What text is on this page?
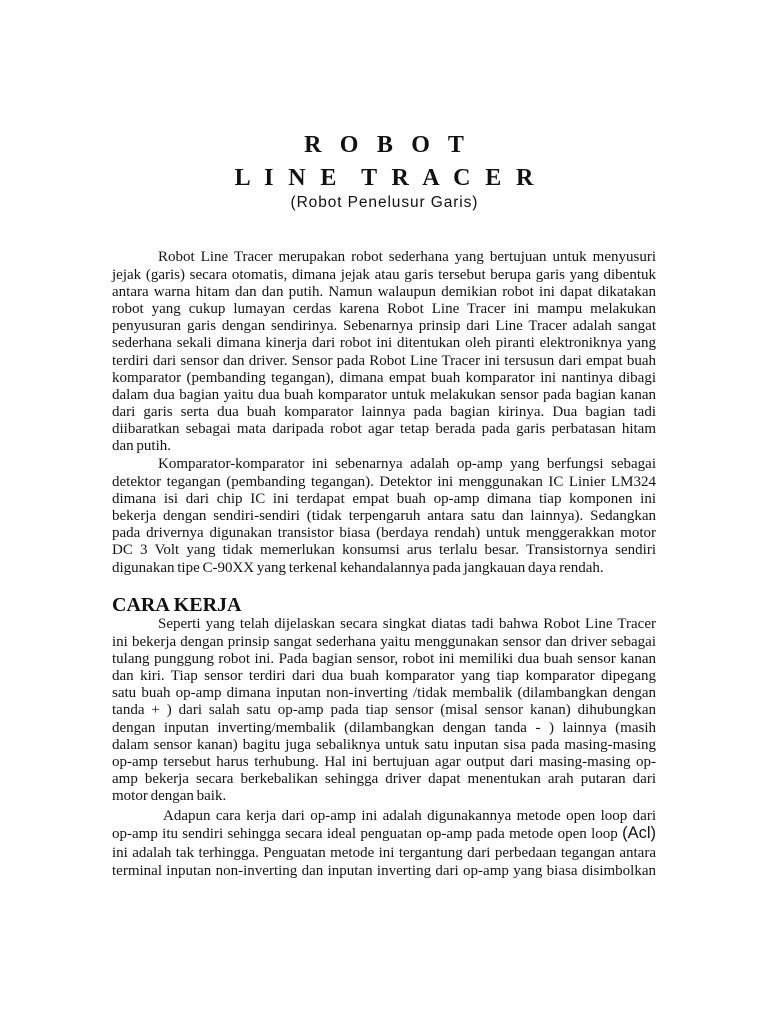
R O B O T
L I N E  T R A C E R
(Robot Penelusur Garis)
Robot Line Tracer merupakan robot sederhana yang bertujuan untuk menyusuri
jejak (garis) secara otomatis, dimana jejak atau garis tersebut berupa garis yang dibentuk
antara warna hitam dan dan putih. Namun walaupun demikian robot ini dapat dikatakan
robot yang cukup lumayan cerdas karena Robot Line Tracer ini mampu melakukan
penyusuran garis dengan sendirinya. Sebenarnya prinsip dari Line Tracer adalah sangat
sederhana sekali dimana kinerja dari robot ini ditentukan oleh piranti elektroniknya yang
terdiri dari sensor dan driver. Sensor pada Robot Line Tracer ini tersusun dari empat buah
komparator (pembanding tegangan), dimana empat buah komparator ini nantinya dibagi
dalam dua bagian yaitu dua buah komparator untuk melakukan sensor pada bagian kanan
dari garis serta dua buah komparator lainnya pada bagian kirinya. Dua bagian tadi
diibaratkan sebagai mata daripada robot agar tetap berada pada garis perbatasan hitam
dan putih.
Komparator-komparator ini sebenarnya adalah op-amp yang berfungsi sebagai
detektor tegangan (pembanding tegangan). Detektor ini menggunakan IC Linier LM324
dimana isi dari chip IC ini terdapat empat buah op-amp dimana tiap komponen ini
bekerja dengan sendiri-sendiri (tidak terpengaruh antara satu dan lainnya). Sedangkan
pada drivernya digunakan transistor biasa (berdaya rendah) untuk menggerakkan motor
DC 3 Volt yang tidak memerlukan konsumsi arus terlalu besar. Transistornya sendiri
digunakan tipe C-90XX yang terkenal kehandalannya pada jangkauan daya rendah.
CARA KERJA
Seperti yang telah dijelaskan secara singkat diatas tadi bahwa Robot Line Tracer
ini bekerja dengan prinsip sangat sederhana yaitu menggunakan sensor dan driver sebagai
tulang punggung robot ini. Pada bagian sensor, robot ini memiliki dua buah sensor kanan
dan kiri. Tiap sensor terdiri dari dua buah komparator yang tiap komparator dipegang
satu buah op-amp dimana inputan non-inverting /tidak membalik (dilambangkan dengan
tanda + ) dari salah satu op-amp pada tiap sensor (misal sensor kanan) dihubungkan
dengan inputan inverting/membalik (dilambangkan dengan tanda - ) lainnya (masih
dalam sensor kanan) bagitu juga sebaliknya untuk satu inputan sisa pada masing-masing
op-amp tersebut harus terhubung. Hal ini bertujuan agar output dari masing-masing op-
amp bekerja secara berkebalikan sehingga driver dapat menentukan arah putaran dari
motor dengan baik.
Adapun cara kerja dari op-amp ini adalah digunakannya metode open loop dari
op-amp itu sendiri sehingga secara ideal penguatan op-amp pada metode open loop (Acl)
ini adalah tak terhingga. Penguatan metode ini tergantung dari perbedaan tegangan antara
terminal inputan non-inverting dan inputan inverting dari op-amp yang biasa disimbolkan
